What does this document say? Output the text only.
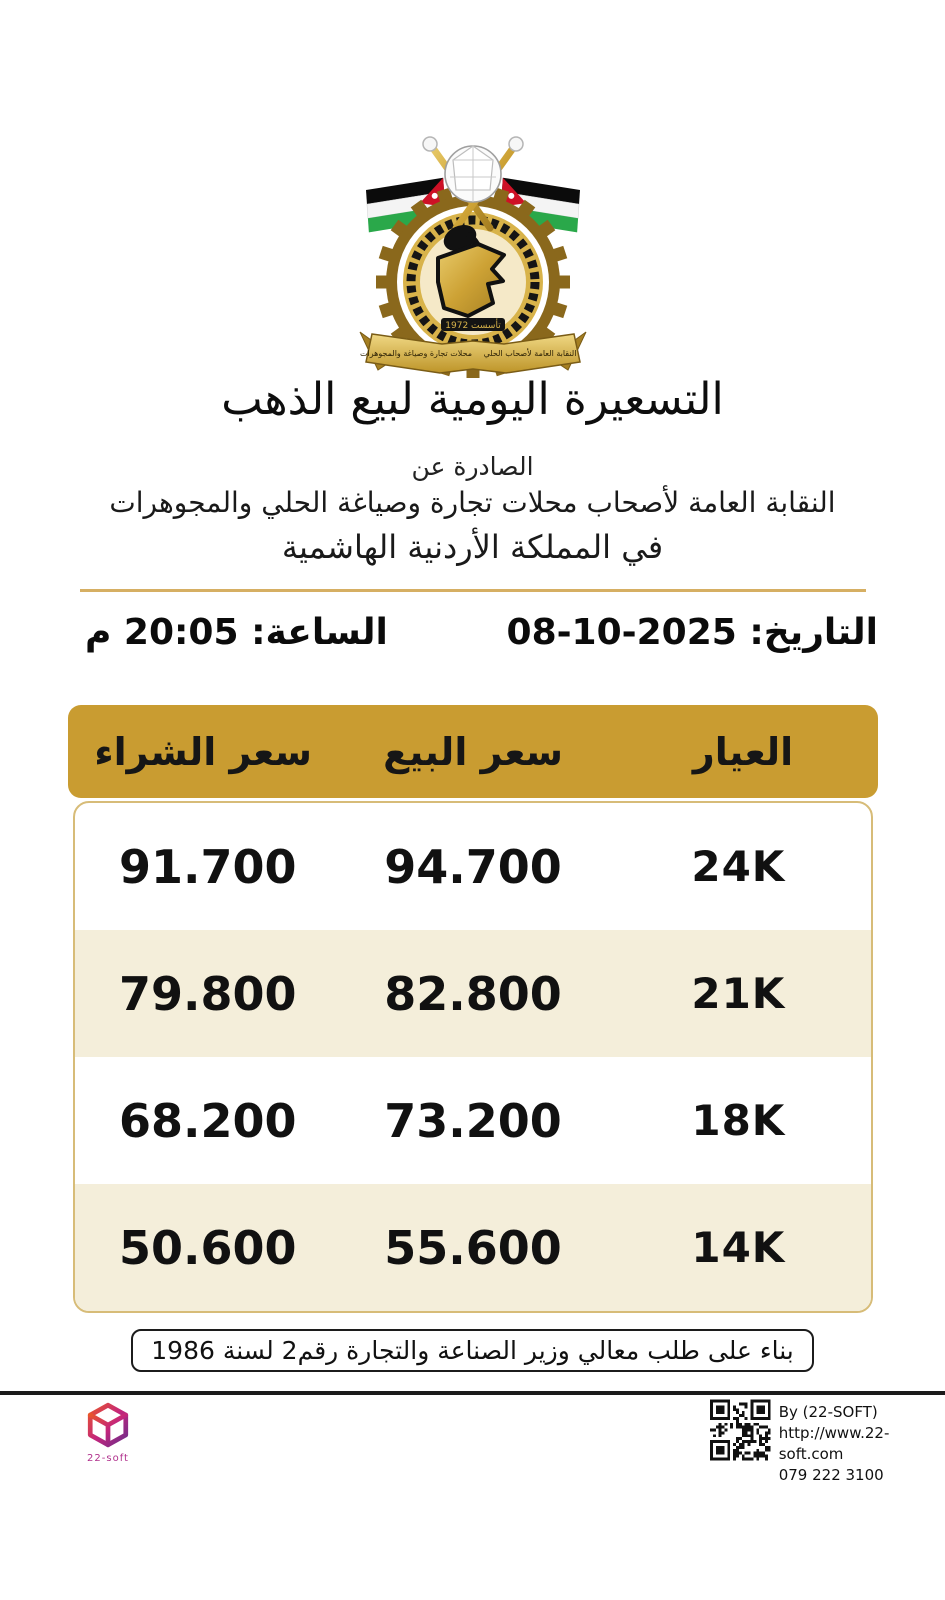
تأسست 1972
النقابة العامة لأصحاب الحلي
محلات تجارة وصياغة والمجوهرات
التسعيرة اليومية لبيع الذهب
الصادرة عن
النقابة العامة لأصحاب محلات تجارة وصياغة الحلي والمجوهرات
في المملكة الأردنية الهاشمية
التاريخ: 08-10-2025
الساعة: 20:05 م
العيار
سعر البيع
سعر الشراء
24K
94.700
91.700
21K
82.800
79.800
18K
73.200
68.200
14K
55.600
50.600
بناء على طلب معالي وزير الصناعة والتجارة رقم2 لسنة 1986
22-soft
By (22-SOFT)
http://www.22-soft.com
079 222 3100
